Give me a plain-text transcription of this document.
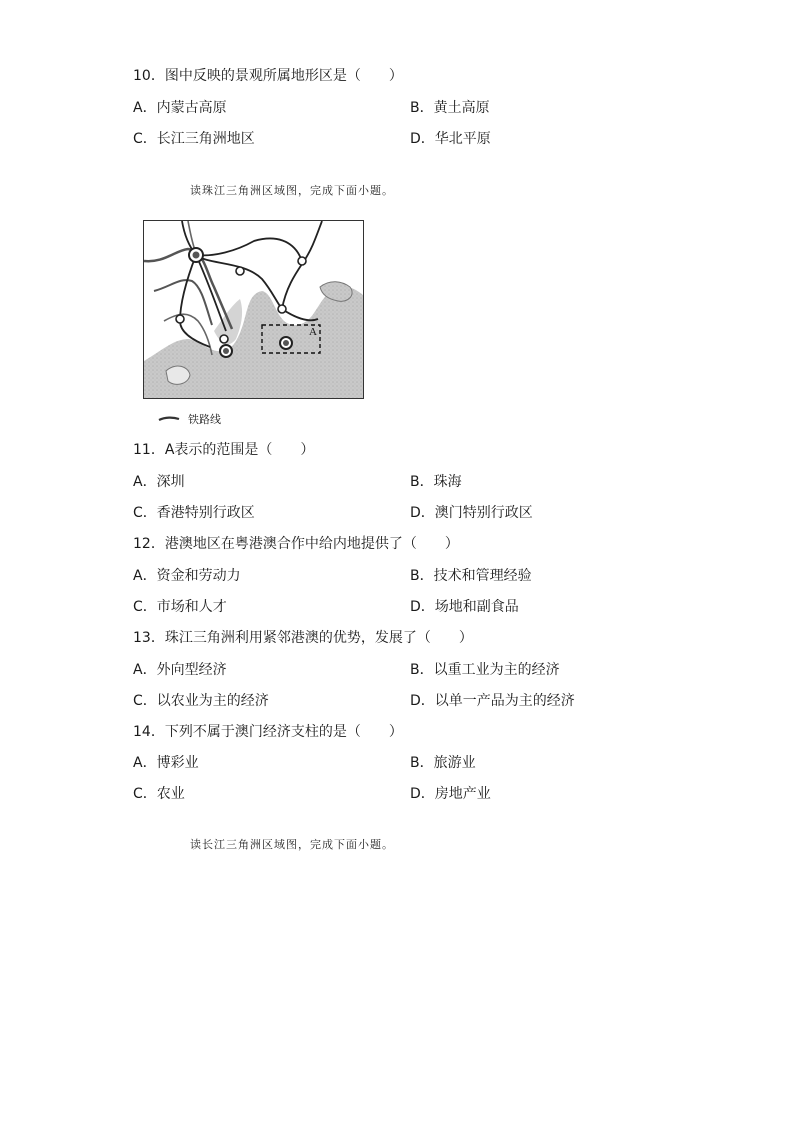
10．图中反映的景观所属地形区是（　　）
A．内蒙古高原	B．黄土高原
C．长江三角洲地区	D．华北平原
读珠江三角洲区域图，完成下面小题。
A
铁路线
11．A表示的范围是（　　）
A．深圳	B．珠海
C．香港特别行政区	D．澳门特别行政区
12．港澳地区在粤港澳合作中给内地提供了（　　）
A．资金和劳动力	B．技术和管理经验
C．市场和人才	D．场地和副食品
13．珠江三角洲利用紧邻港澳的优势，发展了（　　）
A．外向型经济	B．以重工业为主的经济
C．以农业为主的经济	D．以单一产品为主的经济
14．下列不属于澳门经济支柱的是（　　）
A．博彩业	B．旅游业
C．农业	D．房地产业
读长江三角洲区域图，完成下面小题。
